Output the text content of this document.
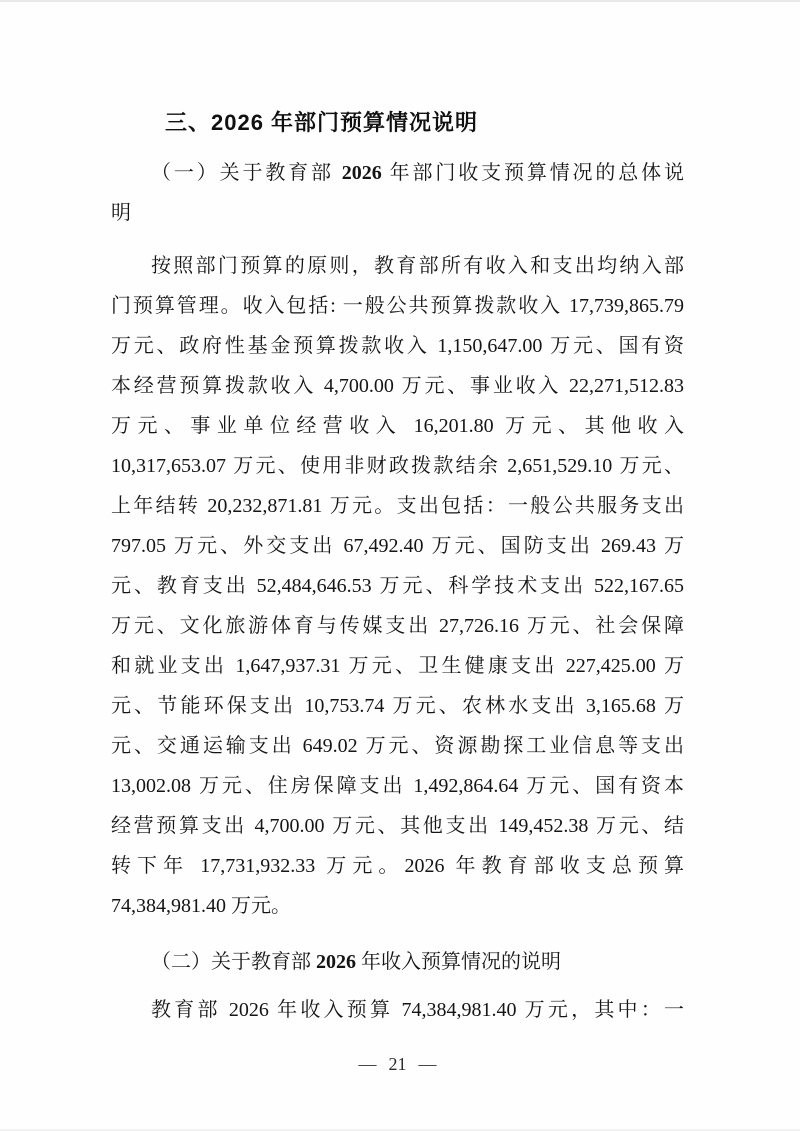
三、2026 年部门预算情况说明
（一）关于教育部 2026 年部门收支预算情况的总体说
明
按照部门预算的原则，教育部所有收入和支出均纳入部
门预算管理。收入包括: 一般公共预算拨款收入 17,739,865.79
万元、政府性基金预算拨款收入 1,150,647.00 万元、国有资
本经营预算拨款收入 4,700.00 万元、事业收入 22,271,512.83
万元、事业单位经营收入 16,201.80 万元、其他收入
10,317,653.07 万元、使用非财政拨款结余 2,651,529.10 万元、
上年结转 20,232,871.81 万元。支出包括：一般公共服务支出
797.05 万元、外交支出 67,492.40 万元、国防支出 269.43 万
元、教育支出 52,484,646.53 万元、科学技术支出 522,167.65
万元、文化旅游体育与传媒支出 27,726.16 万元、社会保障
和就业支出 1,647,937.31 万元、卫生健康支出 227,425.00 万
元、节能环保支出 10,753.74 万元、农林水支出 3,165.68 万
元、交通运输支出 649.02 万元、资源勘探工业信息等支出
13,002.08 万元、住房保障支出 1,492,864.64 万元、国有资本
经营预算支出 4,700.00 万元、其他支出 149,452.38 万元、结
转下年 17,731,932.33 万元。2026 年教育部收支总预算
74,384,981.40 万元。
（二）关于教育部 2026 年收入预算情况的说明
教育部 2026 年收入预算 74,384,981.40 万元，其中：一
— 21 —
